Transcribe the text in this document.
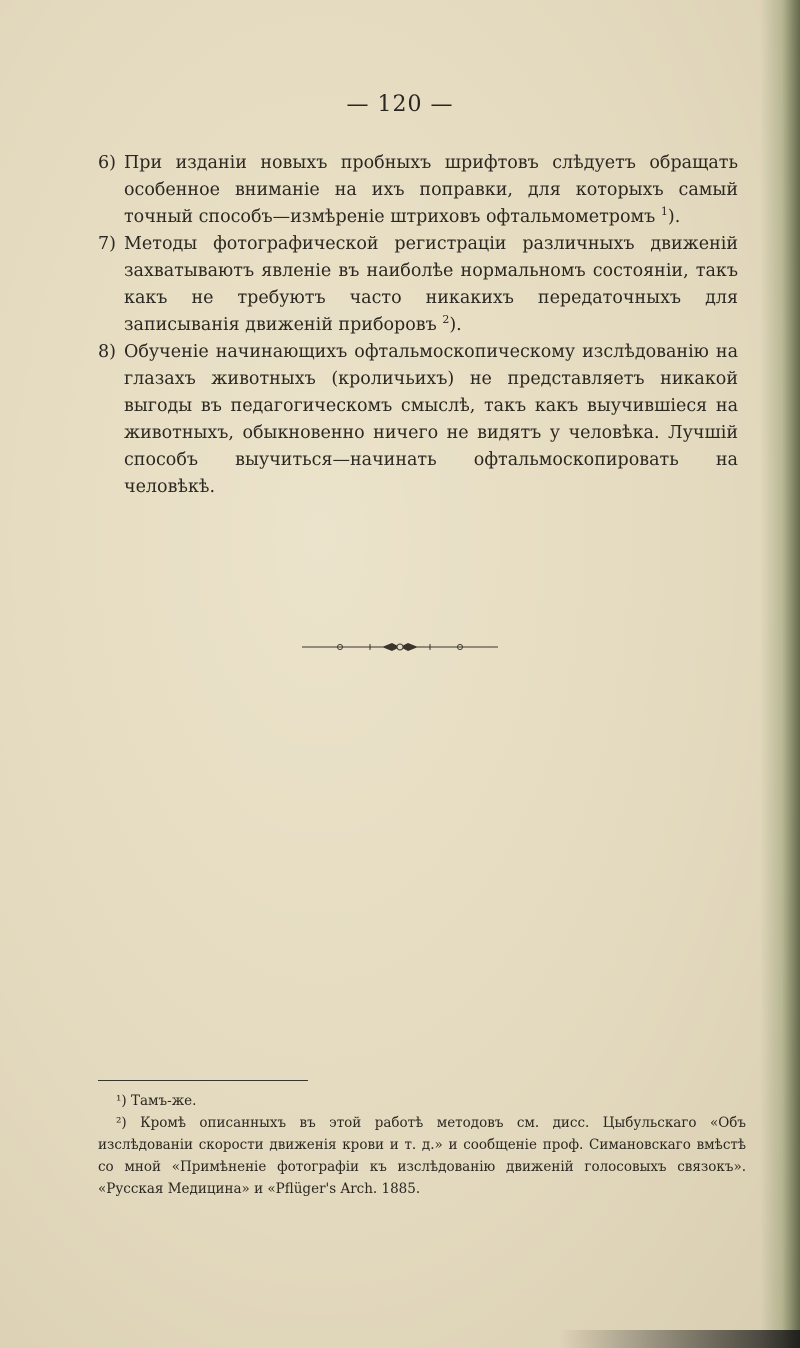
— 120 —

6) При изданіи новыхъ пробныхъ шрифтовъ слѣдуетъ обращать особенное вниманіе на ихъ поправки, для которыхъ самый точный способъ—измѣреніе штриховъ офтальмометромъ $^1$).

7) Методы фотографической регистраціи различныхъ движеній захватываютъ явленіе въ наиболѣе нормальномъ состояніи, такъ какъ не требуютъ часто никакихъ передаточныхъ для записыванія движеній приборовъ $^2$).

8) Обученіе начинающихъ офтальмоскопическому изслѣдованію на глазахъ животныхъ (кроличьихъ) не представляетъ никакой выгоды въ педагогическомъ смыслѣ, такъ какъ выучившіеся на животныхъ, обыкновенно ничего не видятъ у человѣка. Лучшій способъ выучиться—начинать офтальмоскопировать на человѣкѣ.

¹) Тамъ-же.

²) Кромѣ описанныхъ въ этой работѣ методовъ см. дисс. Цыбульскаго «Объ изслѣдованіи скорости движенія крови и т. д.» и сообщеніе проф. Симановскаго вмѣстѣ со мной «Примѣненіе фотографіи къ изслѣдованію движеній голосовыхъ связокъ». «Русская Медицина» и «Pflüger's Arch. 1885.
